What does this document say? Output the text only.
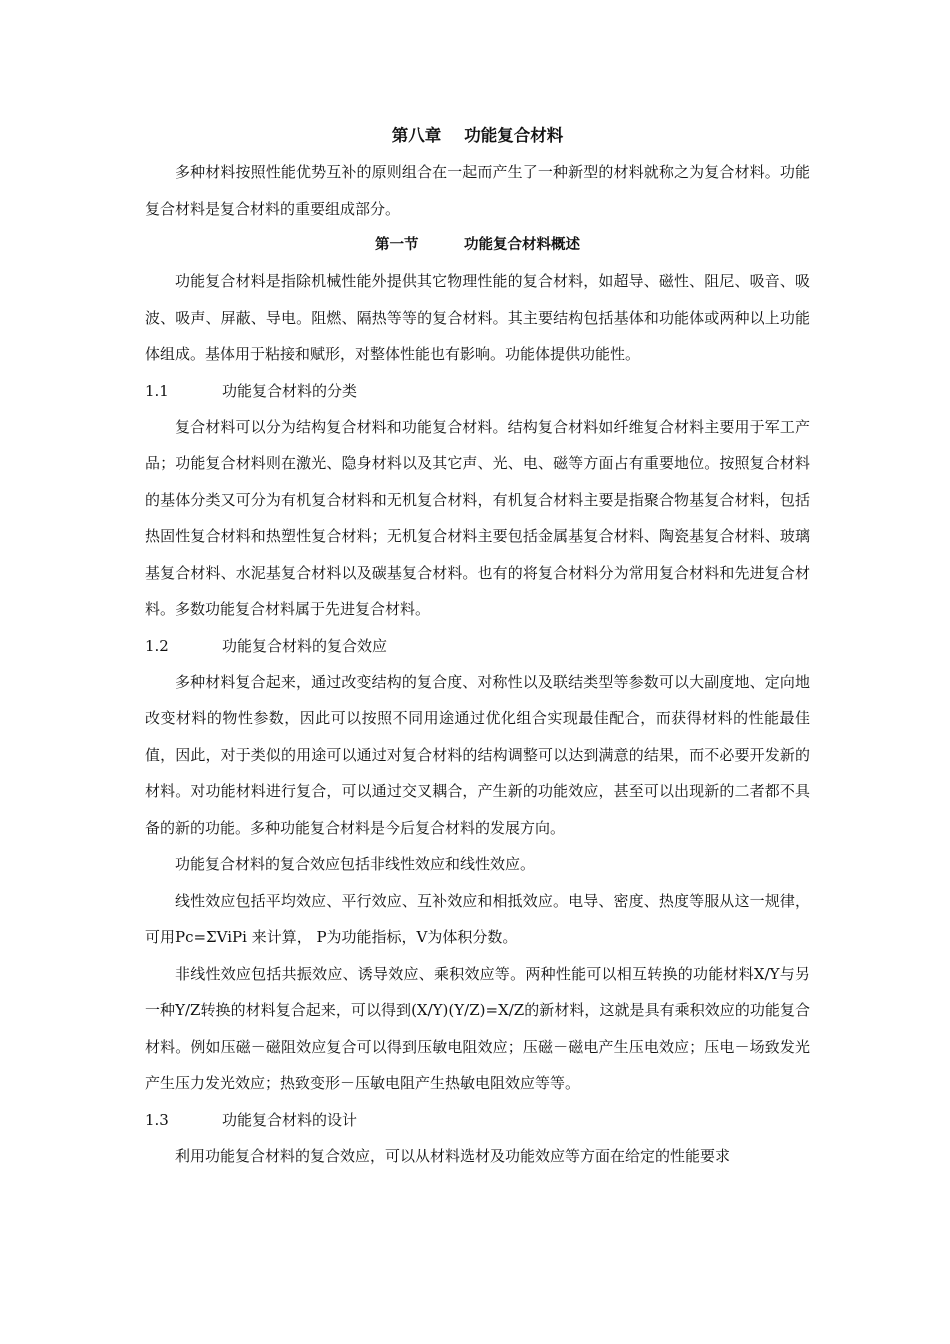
第八章    功能复合材料

多种材料按照性能优势互补的原则组合在一起而产生了一种新型的材料就称之为复合材料。功能复合材料是复合材料的重要组成部分。

第一节         功能复合材料概述

功能复合材料是指除机械性能外提供其它物理性能的复合材料，如超导、磁性、阻尼、吸音、吸波、吸声、屏蔽、导电。阻燃、隔热等等的复合材料。其主要结构包括基体和功能体或两种以上功能体组成。基体用于粘接和赋形，对整体性能也有影响。功能体提供功能性。

1.1	功能复合材料的分类

复合材料可以分为结构复合材料和功能复合材料。结构复合材料如纤维复合材料主要用于军工产品；功能复合材料则在激光、隐身材料以及其它声、光、电、磁等方面占有重要地位。按照复合材料的基体分类又可分为有机复合材料和无机复合材料，有机复合材料主要是指聚合物基复合材料，包括热固性复合材料和热塑性复合材料；无机复合材料主要包括金属基复合材料、陶瓷基复合材料、玻璃基复合材料、水泥基复合材料以及碳基复合材料。也有的将复合材料分为常用复合材料和先进复合材料。多数功能复合材料属于先进复合材料。

1.2	功能复合材料的复合效应

多种材料复合起来，通过改变结构的复合度、对称性以及联结类型等参数可以大副度地、定向地改变材料的物性参数，因此可以按照不同用途通过优化组合实现最佳配合，而获得材料的性能最佳值，因此，对于类似的用途可以通过对复合材料的结构调整可以达到满意的结果，而不必要开发新的材料。对功能材料进行复合，可以通过交叉耦合，产生新的功能效应，甚至可以出现新的二者都不具备的新的功能。多种功能复合材料是今后复合材料的发展方向。

功能复合材料的复合效应包括非线性效应和线性效应。

线性效应包括平均效应、平行效应、互补效应和相抵效应。电导、密度、热度等服从这一规律，可用Pc=ΣViPi 来计算， P为功能指标，V为体积分数。

非线性效应包括共振效应、诱导效应、乘积效应等。两种性能可以相互转换的功能材料X/Y与另一种Y/Z转换的材料复合起来，可以得到(X/Y)(Y/Z)=X/Z的新材料，这就是具有乘积效应的功能复合材料。例如压磁－磁阻效应复合可以得到压敏电阻效应；压磁－磁电产生压电效应；压电－场致发光产生压力发光效应；热致变形－压敏电阻产生热敏电阻效应等等。

1.3	功能复合材料的设计

利用功能复合材料的复合效应，可以从材料选材及功能效应等方面在给定的性能要求
